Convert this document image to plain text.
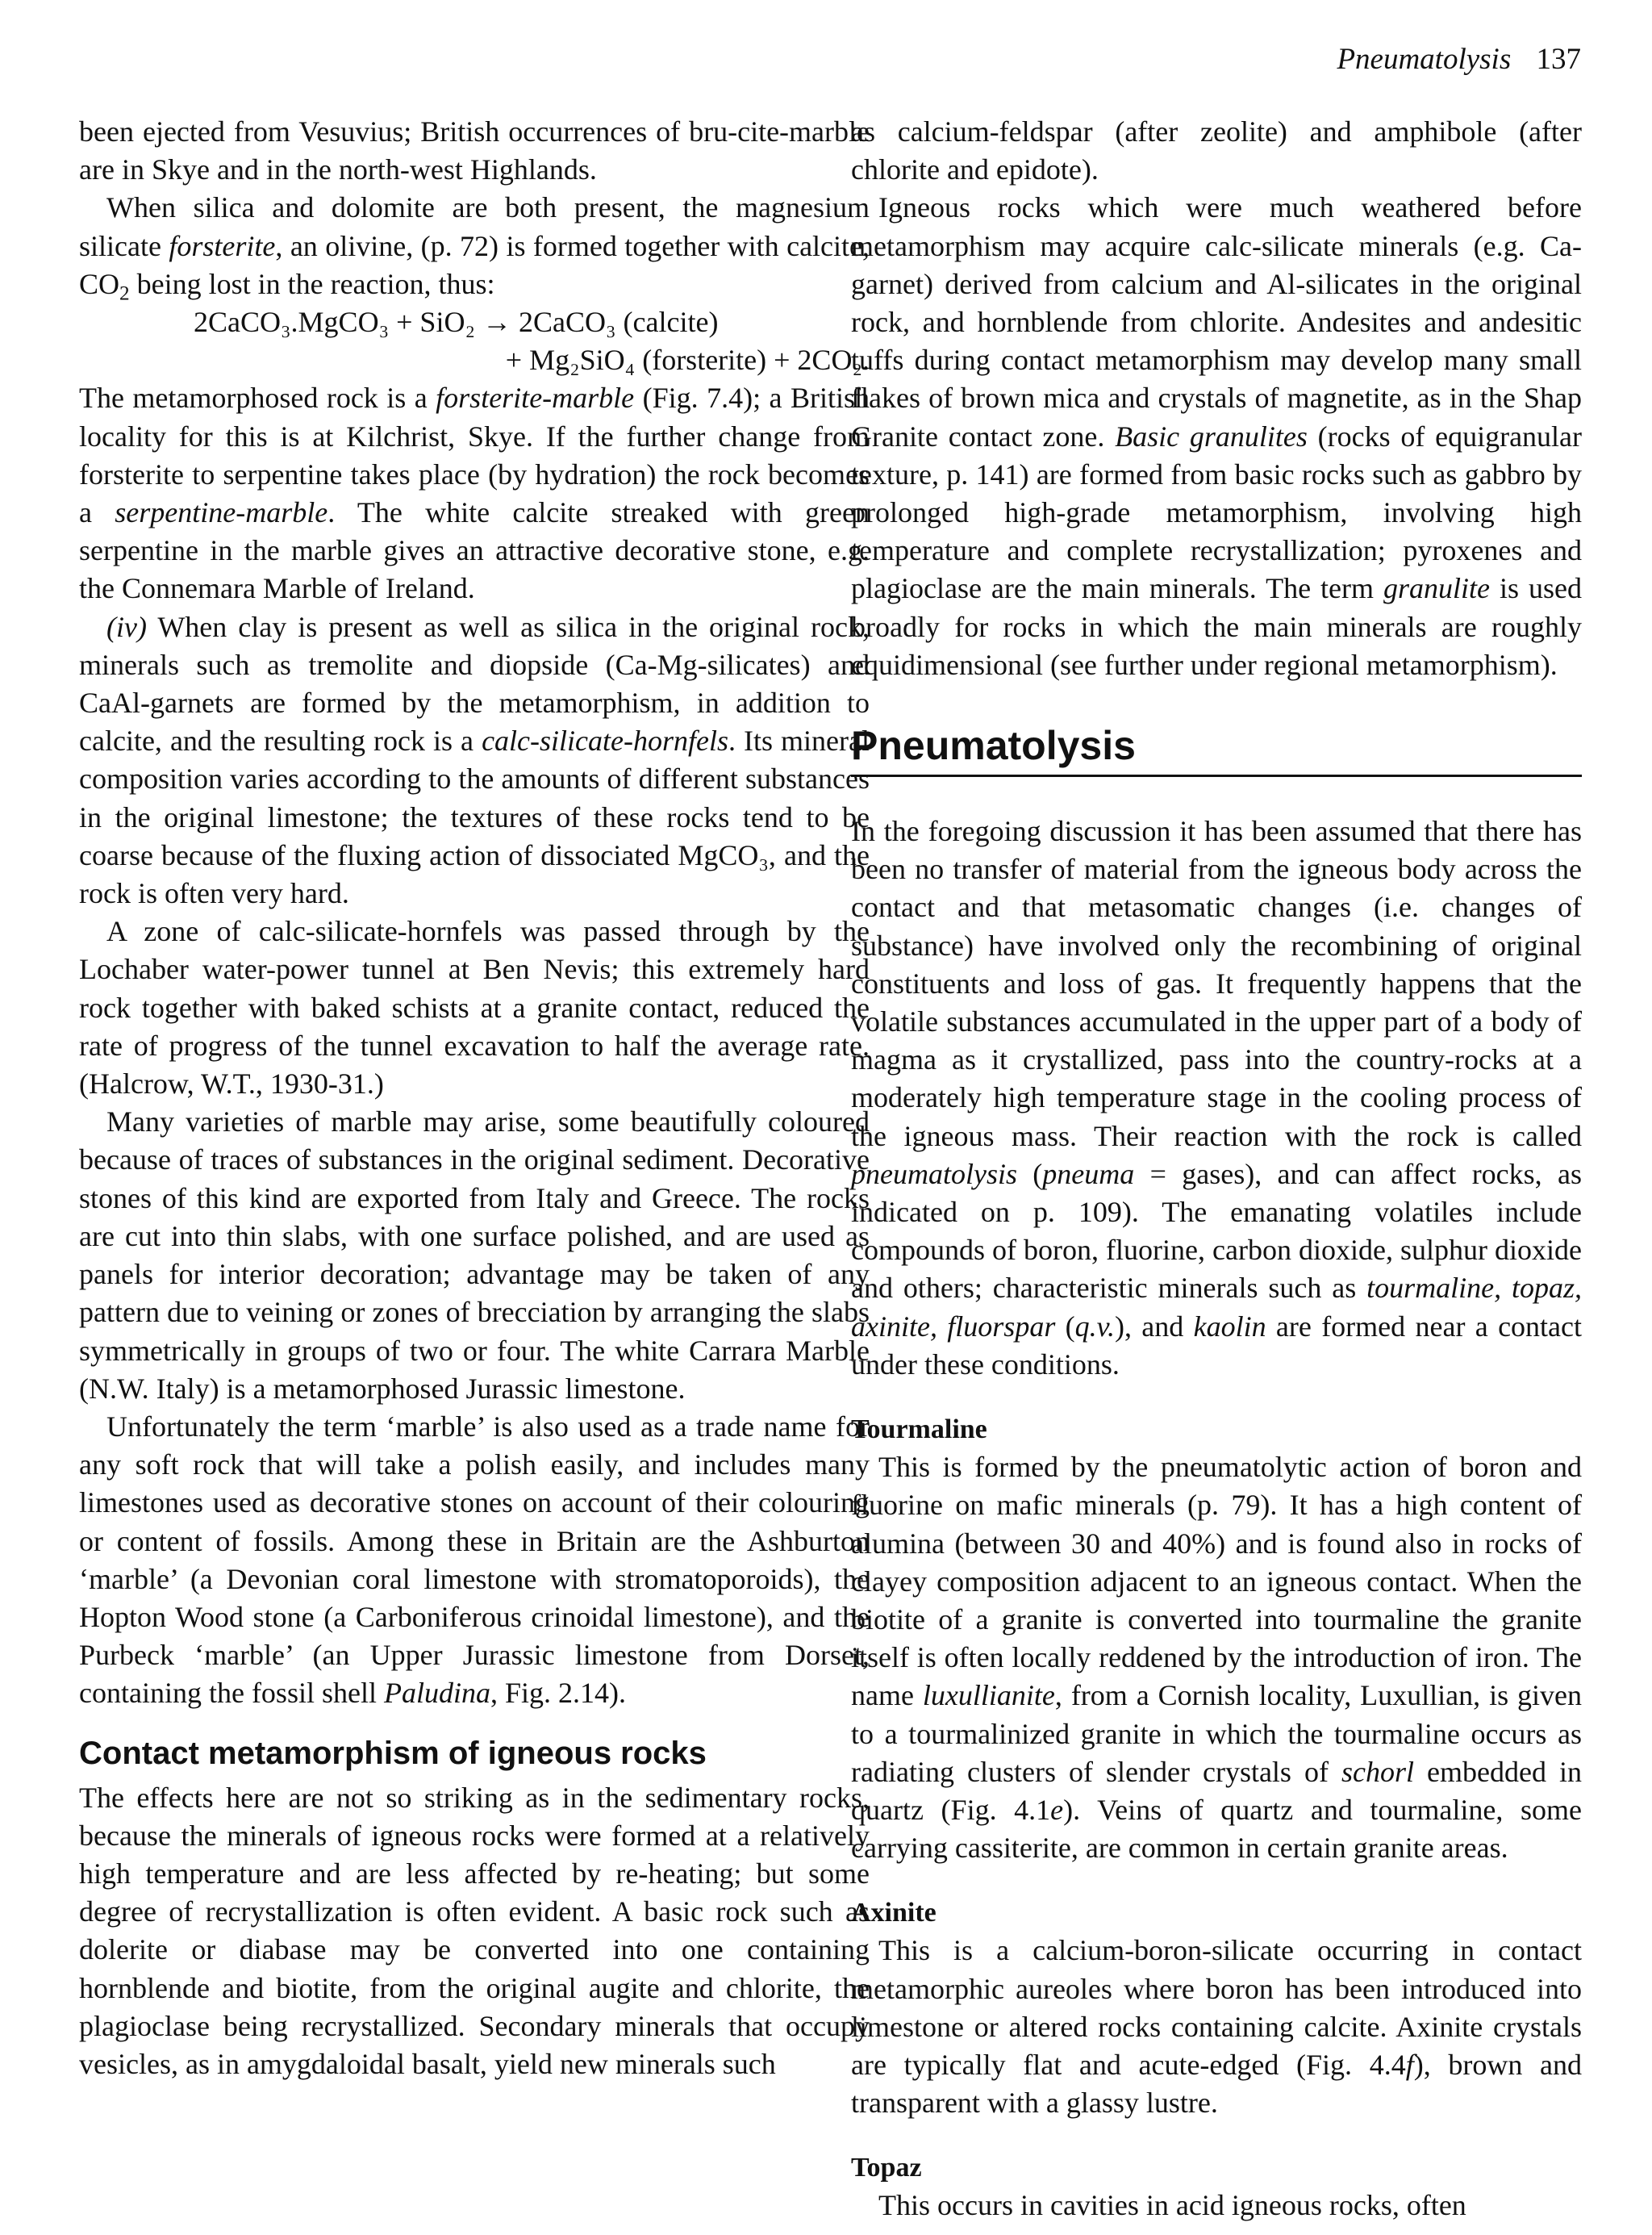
Pneumatolysis 137

been ejected from Vesuvius; British occurrences of bru-cite-marble are in Skye and in the north-west Highlands.

When silica and dolomite are both present, the magnesium silicate forsterite, an olivine, (p. 72) is formed together with calcite, $CO_2$ being lost in the reaction, thus:

2CaCO₃.MgCO₃ + SiO₂ → 2CaCO₃ (calcite)

+ Mg₂SiO₄ (forsterite) + 2CO₂.

The metamorphosed rock is a forsterite-marble (Fig. 7.4); a British locality for this is at Kilchrist, Skye. If the further change from forsterite to serpentine takes place (by hydration) the rock becomes a serpentine-marble. The white calcite streaked with green serpentine in the marble gives an attractive decorative stone, e.g. the Connemara Marble of Ireland.

(iv) When clay is present as well as silica in the original rock, minerals such as tremolite and diopside (Ca-Mg-silicates) and CaAl-garnets are formed by the metamorphism, in addition to calcite, and the resulting rock is a calc-silicate-hornfels. Its mineral composition varies according to the amounts of different substances in the original limestone; the textures of these rocks tend to be coarse because of the fluxing action of dissociated MgCO₃, and the rock is often very hard.

A zone of calc-silicate-hornfels was passed through by the Lochaber water-power tunnel at Ben Nevis; this extremely hard rock together with baked schists at a granite contact, reduced the rate of progress of the tunnel excavation to half the average rate. (Halcrow, W.T., 1930-31.)

Many varieties of marble may arise, some beautifully coloured because of traces of substances in the original sediment. Decorative stones of this kind are exported from Italy and Greece. The rocks are cut into thin slabs, with one surface polished, and are used as panels for interior decoration; advantage may be taken of any pattern due to veining or zones of brecciation by arranging the slabs symmetrically in groups of two or four. The white Carrara Marble (N.W. Italy) is a metamorphosed Jurassic limestone.

Unfortunately the term ‘marble’ is also used as a trade name for any soft rock that will take a polish easily, and includes many limestones used as decorative stones on account of their colouring or content of fossils. Among these in Britain are the Ashburton ‘marble’ (a Devonian coral limestone with stromatoporoids), the Hopton Wood stone (a Carboniferous crinoidal limestone), and the Purbeck ‘marble’ (an Upper Jurassic limestone from Dorset, containing the fossil shell Paludina, Fig. 2.14).

Contact metamorphism of igneous rocks

The effects here are not so striking as in the sedimentary rocks, because the minerals of igneous rocks were formed at a relatively high temperature and are less affected by re-heating; but some degree of recrystallization is often evident. A basic rock such as dolerite or diabase may be converted into one containing hornblende and biotite, from the original augite and chlorite, the plagioclase being recrystallized. Secondary minerals that occupy vesicles, as in amygdaloidal basalt, yield new minerals such

as calcium-feldspar (after zeolite) and amphibole (after chlorite and epidote).

Igneous rocks which were much weathered before metamorphism may acquire calc-silicate minerals (e.g. Ca-garnet) derived from calcium and Al-silicates in the original rock, and hornblende from chlorite. Andesites and andesitic tuffs during contact metamorphism may develop many small flakes of brown mica and crystals of magnetite, as in the Shap Granite contact zone. Basic granulites (rocks of equigranular texture, p. 141) are formed from basic rocks such as gabbro by prolonged high-grade metamorphism, involving high temperature and complete recrystallization; pyroxenes and plagioclase are the main minerals. The term granulite is used broadly for rocks in which the main minerals are roughly equidimensional (see further under regional metamorphism).

Pneumatolysis

In the foregoing discussion it has been assumed that there has been no transfer of material from the igneous body across the contact and that metasomatic changes (i.e. changes of substance) have involved only the recombining of original constituents and loss of gas. It frequently happens that the volatile substances accumulated in the upper part of a body of magma as it crystallized, pass into the country-rocks at a moderately high temperature stage in the cooling process of the igneous mass. Their reaction with the rock is called pneumatolysis (pneuma = gases), and can affect rocks, as indicated on p. 109). The emanating volatiles include compounds of boron, fluorine, carbon dioxide, sulphur dioxide and others; characteristic minerals such as tourmaline, topaz, axinite, fluorspar (q.v.), and kaolin are formed near a contact under these conditions.

Tourmaline

This is formed by the pneumatolytic action of boron and fluorine on mafic minerals (p. 79). It has a high content of alumina (between 30 and 40%) and is found also in rocks of clayey composition adjacent to an igneous contact. When the biotite of a granite is converted into tourmaline the granite itself is often locally reddened by the introduction of iron. The name luxullianite, from a Cornish locality, Luxullian, is given to a tourmalinized granite in which the tourmaline occurs as radiating clusters of slender crystals of schorl embedded in quartz (Fig. 4.1e). Veins of quartz and tourmaline, some carrying cassiterite, are common in certain granite areas.

Axinite

This is a calcium-boron-silicate occurring in contact metamorphic aureoles where boron has been introduced into limestone or altered rocks containing calcite. Axinite crystals are typically flat and acute-edged (Fig. 4.4f), brown and transparent with a glassy lustre.

Topaz

This occurs in cavities in acid igneous rocks, often
